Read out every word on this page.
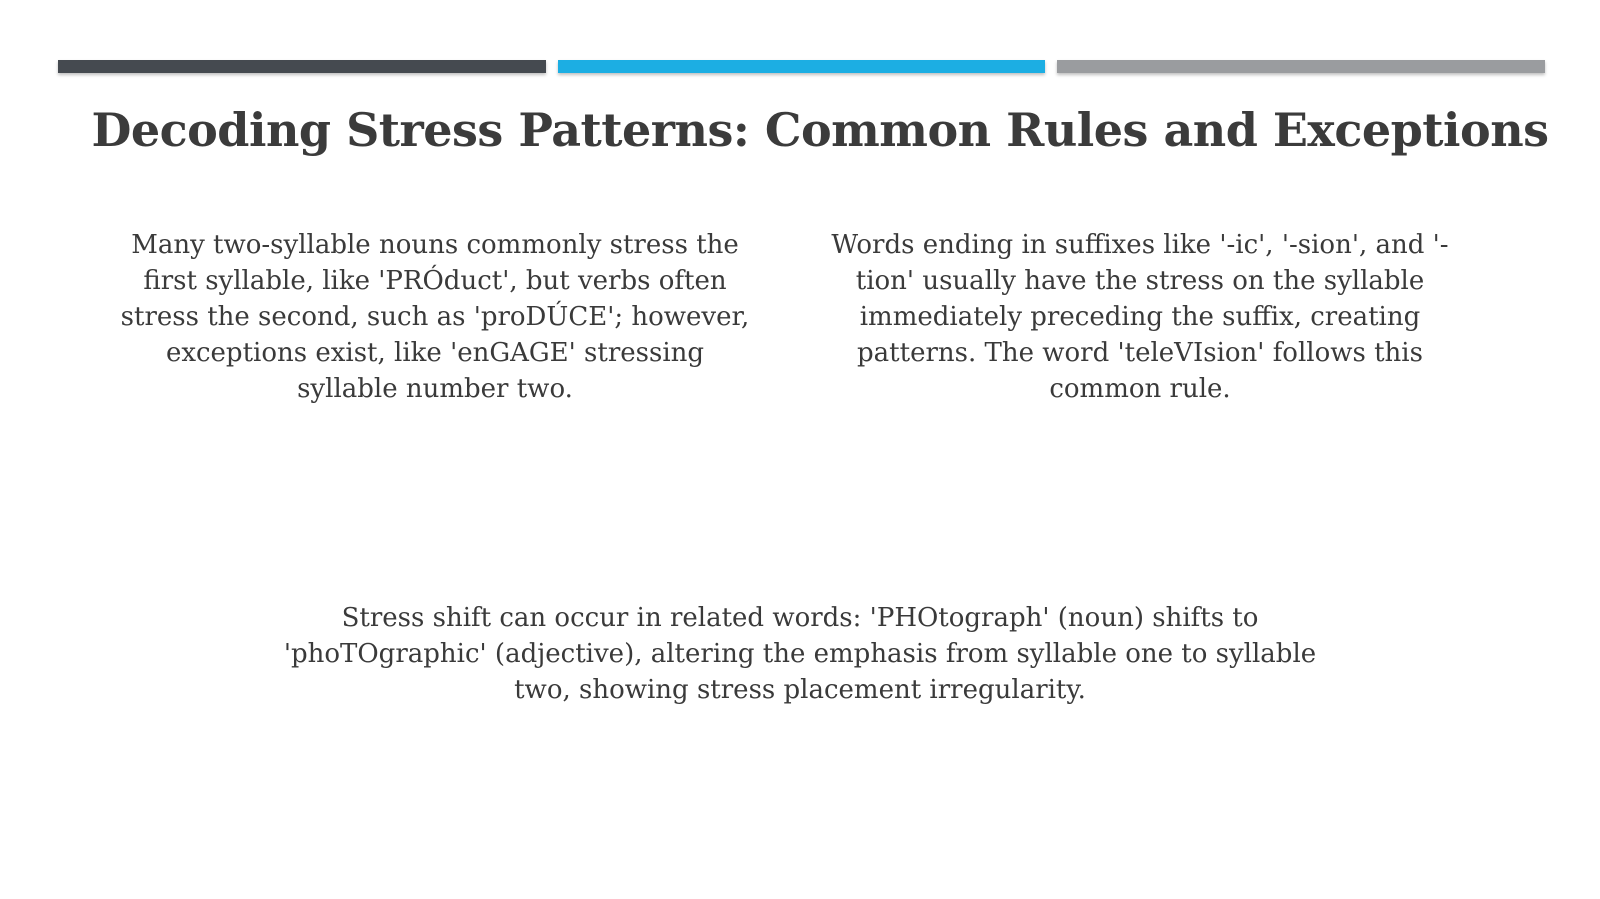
Decoding Stress Patterns: Common Rules and Exceptions
Many two-syllable nouns commonly stress the first syllable, like 'PRÓduct', but verbs often stress the second, such as 'proDÚCE'; however, exceptions exist, like 'enGAGE' stressing syllable number two.
Words ending in suffixes like '-ic', '-sion', and '-tion' usually have the stress on the syllable immediately preceding the suffix, creating patterns. The word 'teleVIsion' follows this common rule.
Stress shift can occur in related words: 'PHOtograph' (noun) shifts to 'phoTOgraphic' (adjective), altering the emphasis from syllable one to syllable two, showing stress placement irregularity.
